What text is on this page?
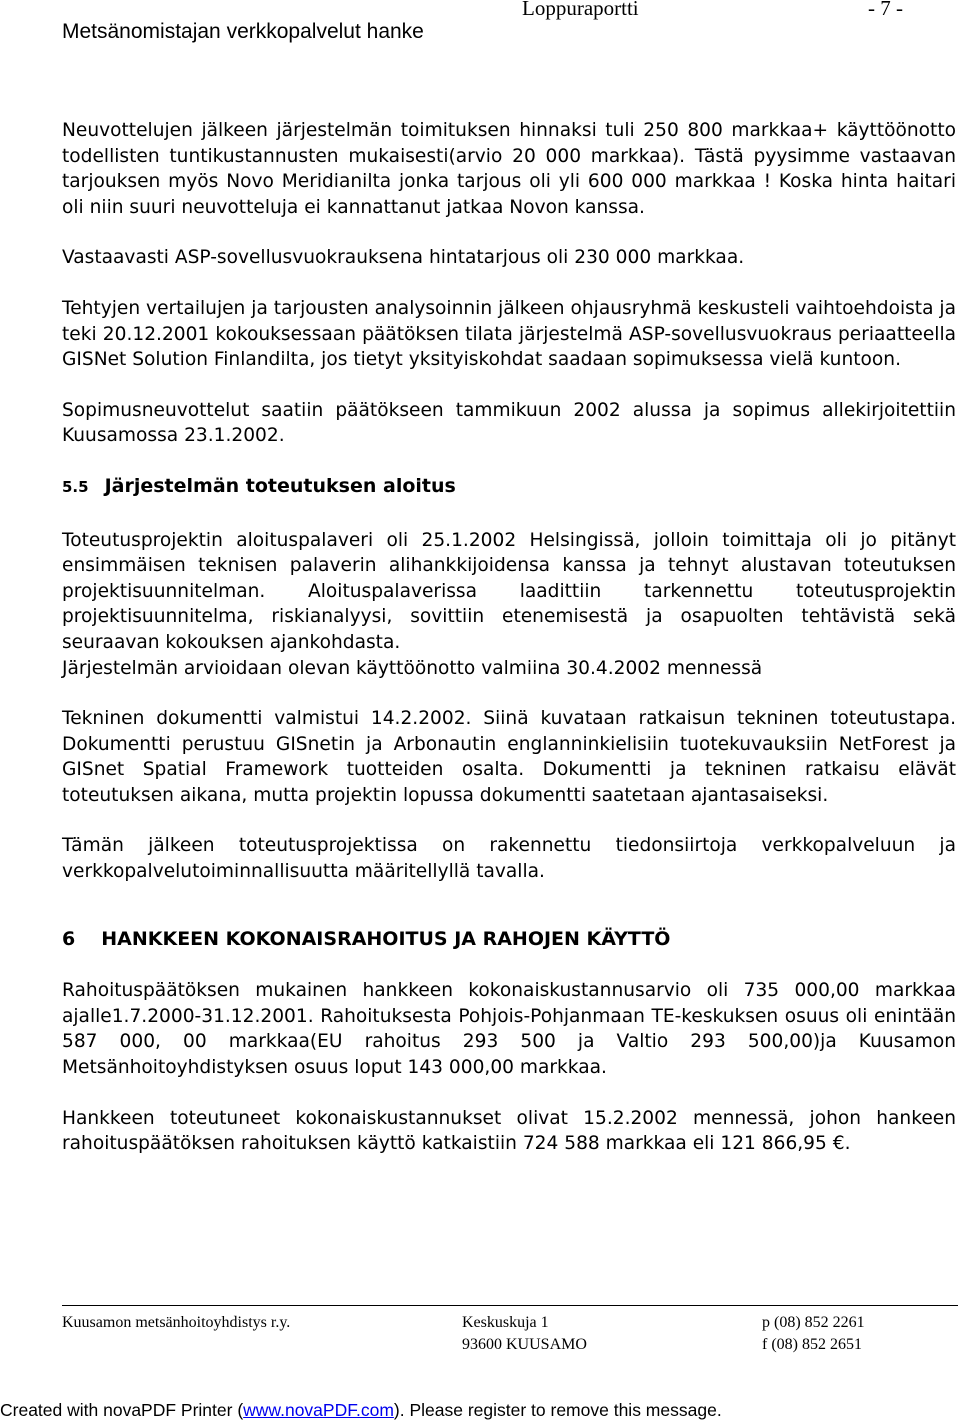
Metsänomistajan verkkopalvelut hanke
Loppuraportti	- 7 -

Neuvottelujen jälkeen järjestelmän toimituksen hinnaksi tuli 250 800 markkaa+ käyttöönotto todellisten tuntikustannusten mukaisesti(arvio 20 000 markkaa). Tästä pyysimme vastaavan tarjouksen myös Novo Meridianilta jonka tarjous oli yli 600 000 markkaa ! Koska hinta haitari oli niin suuri neuvotteluja ei kannattanut jatkaa Novon kanssa.

Vastaavasti ASP-sovellusvuokrauksena hintatarjous oli 230 000 markkaa.

Tehtyjen vertailujen ja tarjousten analysoinnin jälkeen ohjausryhmä keskusteli vaihtoehdoista ja teki 20.12.2001 kokouksessaan päätöksen tilata järjestelmä ASP-sovellusvuokraus periaatteella GISNet Solution Finlandilta, jos tietyt yksityiskohdat saadaan sopimuksessa vielä kuntoon.

Sopimusneuvottelut saatiin päätökseen tammikuun 2002 alussa ja sopimus allekirjoitettiin Kuusamossa 23.1.2002.

5.5 Järjestelmän toteutuksen aloitus

Toteutusprojektin aloituspalaveri oli 25.1.2002 Helsingissä, jolloin toimittaja oli jo pitänyt ensimmäisen teknisen palaverin alihankkijoidensa kanssa ja tehnyt alustavan toteutuksen projektisuunnitelman. Aloituspalaverissa laadittiin tarkennettu toteutusprojektin projektisuunnitelma, riskianalyysi, sovittiin etenemisestä ja osapuolten tehtävistä sekä seuraavan kokouksen ajankohdasta.

Järjestelmän arvioidaan olevan käyttöönotto valmiina 30.4.2002 mennessä

Tekninen dokumentti valmistui 14.2.2002. Siinä kuvataan ratkaisun tekninen toteutustapa. Dokumentti perustuu GISnetin ja Arbonautin englanninkielisiin tuotekuvauksiin NetForest ja GISnet Spatial Framework tuotteiden osalta. Dokumentti ja tekninen ratkaisu elävät toteutuksen aikana, mutta projektin lopussa dokumentti saatetaan ajantasaiseksi.

Tämän jälkeen toteutusprojektissa on rakennettu tiedonsiirtoja verkkopalveluun ja verkkopalvelutoiminnallisuutta määritellyllä tavalla.

6 HANKKEEN KOKONAISRAHOITUS JA RAHOJEN KÄYTTÖ

Rahoituspäätöksen mukainen hankkeen kokonaiskustannusarvio oli 735 000,00 markkaa ajalle1.7.2000-31.12.2001. Rahoituksesta Pohjois-Pohjanmaan TE-keskuksen osuus oli enintään 587 000, 00 markkaa(EU rahoitus 293 500 ja Valtio 293 500,00)ja Kuusamon Metsänhoitoyhdistyksen osuus loput 143 000,00 markkaa.

Hankkeen toteutuneet kokonaiskustannukset olivat 15.2.2002 mennessä, johon hankeen rahoituspäätöksen rahoituksen käyttö katkaistiin 724 588 markkaa eli 121 866,95 €.

Kuusamon metsänhoitoyhdistys r.y.	Keskuskuja 1
93600 KUUSAMO
p (08) 852 2261
f (08) 852 2651
Created with novaPDF Printer (www.novaPDF.com). Please register to remove this message.
